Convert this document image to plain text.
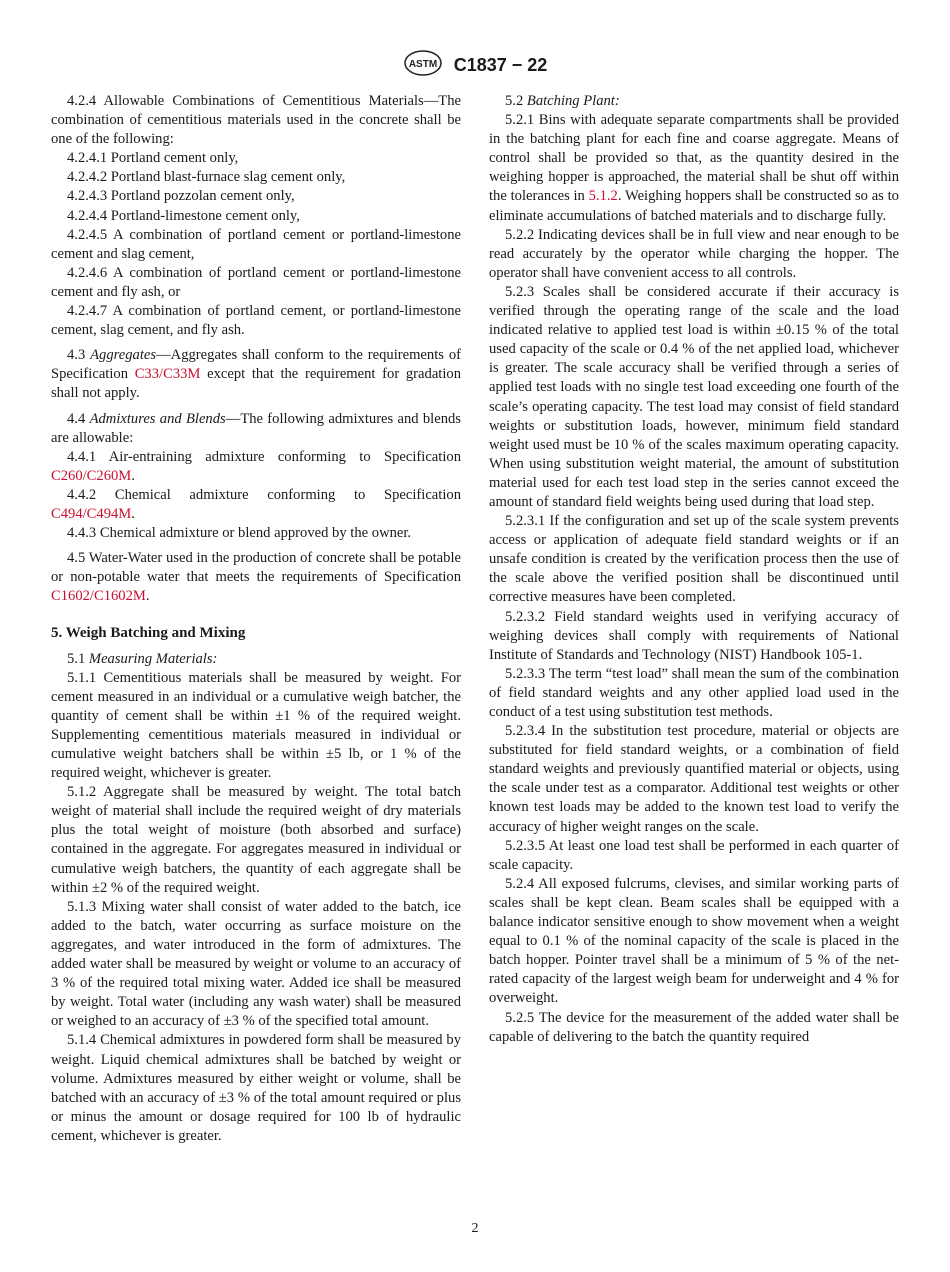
ASTM C1837 − 22

4.2.4 Allowable Combinations of Cementitious Materials—The combination of cementitious materials used in the concrete shall be one of the following:

4.2.4.1 Portland cement only,

4.2.4.2 Portland blast-furnace slag cement only,

4.2.4.3 Portland pozzolan cement only,

4.2.4.4 Portland-limestone cement only,

4.2.4.5 A combination of portland cement or portland-limestone cement and slag cement,

4.2.4.6 A combination of portland cement or portland-limestone cement and fly ash, or

4.2.4.7 A combination of portland cement, or portland-limestone cement, slag cement, and fly ash.

4.3 Aggregates—Aggregates shall conform to the requirements of Specification C33/C33M except that the requirement for gradation shall not apply.

4.4 Admixtures and Blends—The following admixtures and blends are allowable:

4.4.1 Air-entraining admixture conforming to Specification C260/C260M.

4.4.2 Chemical admixture conforming to Specification C494/C494M.

4.4.3 Chemical admixture or blend approved by the owner.

4.5 Water-Water used in the production of concrete shall be potable or non-potable water that meets the requirements of Specification C1602/C1602M.

5. Weigh Batching and Mixing

5.1 Measuring Materials:

5.1.1 Cementitious materials shall be measured by weight. For cement measured in an individual or a cumulative weigh batcher, the quantity of cement shall be within ±1 % of the required weight. Supplementing cementitious materials measured in individual or cumulative weight batchers shall be within ±5 lb, or 1 % of the required weight, whichever is greater.

5.1.2 Aggregate shall be measured by weight. The total batch weight of material shall include the required weight of dry materials plus the total weight of moisture (both absorbed and surface) contained in the aggregate. For aggregates measured in individual or cumulative weigh batchers, the quantity of each aggregate shall be within ±2 % of the required weight.

5.1.3 Mixing water shall consist of water added to the batch, ice added to the batch, water occurring as surface moisture on the aggregates, and water introduced in the form of admixtures. The added water shall be measured by weight or volume to an accuracy of 3 % of the required total mixing water. Added ice shall be measured by weight. Total water (including any wash water) shall be measured or weighed to an accuracy of ±3 % of the specified total amount.

5.1.4 Chemical admixtures in powdered form shall be measured by weight. Liquid chemical admixtures shall be batched by weight or volume. Admixtures measured by either weight or volume, shall be batched with an accuracy of ±3 % of the total amount required or plus or minus the amount or dosage required for 100 lb of hydraulic cement, whichever is greater.

5.2 Batching Plant:

5.2.1 Bins with adequate separate compartments shall be provided in the batching plant for each fine and coarse aggregate. Means of control shall be provided so that, as the quantity desired in the weighing hopper is approached, the material shall be shut off within the tolerances in 5.1.2. Weighing hoppers shall be constructed so as to eliminate accumulations of batched materials and to discharge fully.

5.2.2 Indicating devices shall be in full view and near enough to be read accurately by the operator while charging the hopper. The operator shall have convenient access to all controls.

5.2.3 Scales shall be considered accurate if their accuracy is verified through the operating range of the scale and the load indicated relative to applied test load is within ±0.15 % of the total used capacity of the scale or 0.4 % of the net applied load, whichever is greater. The scale accuracy shall be verified through a series of applied test loads with no single test load exceeding one fourth of the scale’s operating capacity. The test load may consist of field standard weights or substitution loads, however, minimum field standard weight used must be 10 % of the scales maximum operating capacity. When using substitution weight material, the amount of substitution material used for each test load step in the series cannot exceed the amount of standard field weights being used during that load step.

5.2.3.1 If the configuration and set up of the scale system prevents access or application of adequate field standard weights or if an unsafe condition is created by the verification process then the use of the scale above the verified position shall be discontinued until corrective measures have been completed.

5.2.3.2 Field standard weights used in verifying accuracy of weighing devices shall comply with requirements of National Institute of Standards and Technology (NIST) Handbook 105-1.

5.2.3.3 The term “test load” shall mean the sum of the combination of field standard weights and any other applied load used in the conduct of a test using substitution test methods.

5.2.3.4 In the substitution test procedure, material or objects are substituted for field standard weights, or a combination of field standard weights and previously quantified material or objects, using the scale under test as a comparator. Additional test weights or other known test loads may be added to the known test load to verify the accuracy of higher weight ranges on the scale.

5.2.3.5 At least one load test shall be performed in each quarter of scale capacity.

5.2.4 All exposed fulcrums, clevises, and similar working parts of scales shall be kept clean. Beam scales shall be equipped with a balance indicator sensitive enough to show movement when a weight equal to 0.1 % of the nominal capacity of the scale is placed in the batch hopper. Pointer travel shall be a minimum of 5 % of the net-rated capacity of the largest weigh beam for underweight and 4 % for overweight.

5.2.5 The device for the measurement of the added water shall be capable of delivering to the batch the quantity required

2
